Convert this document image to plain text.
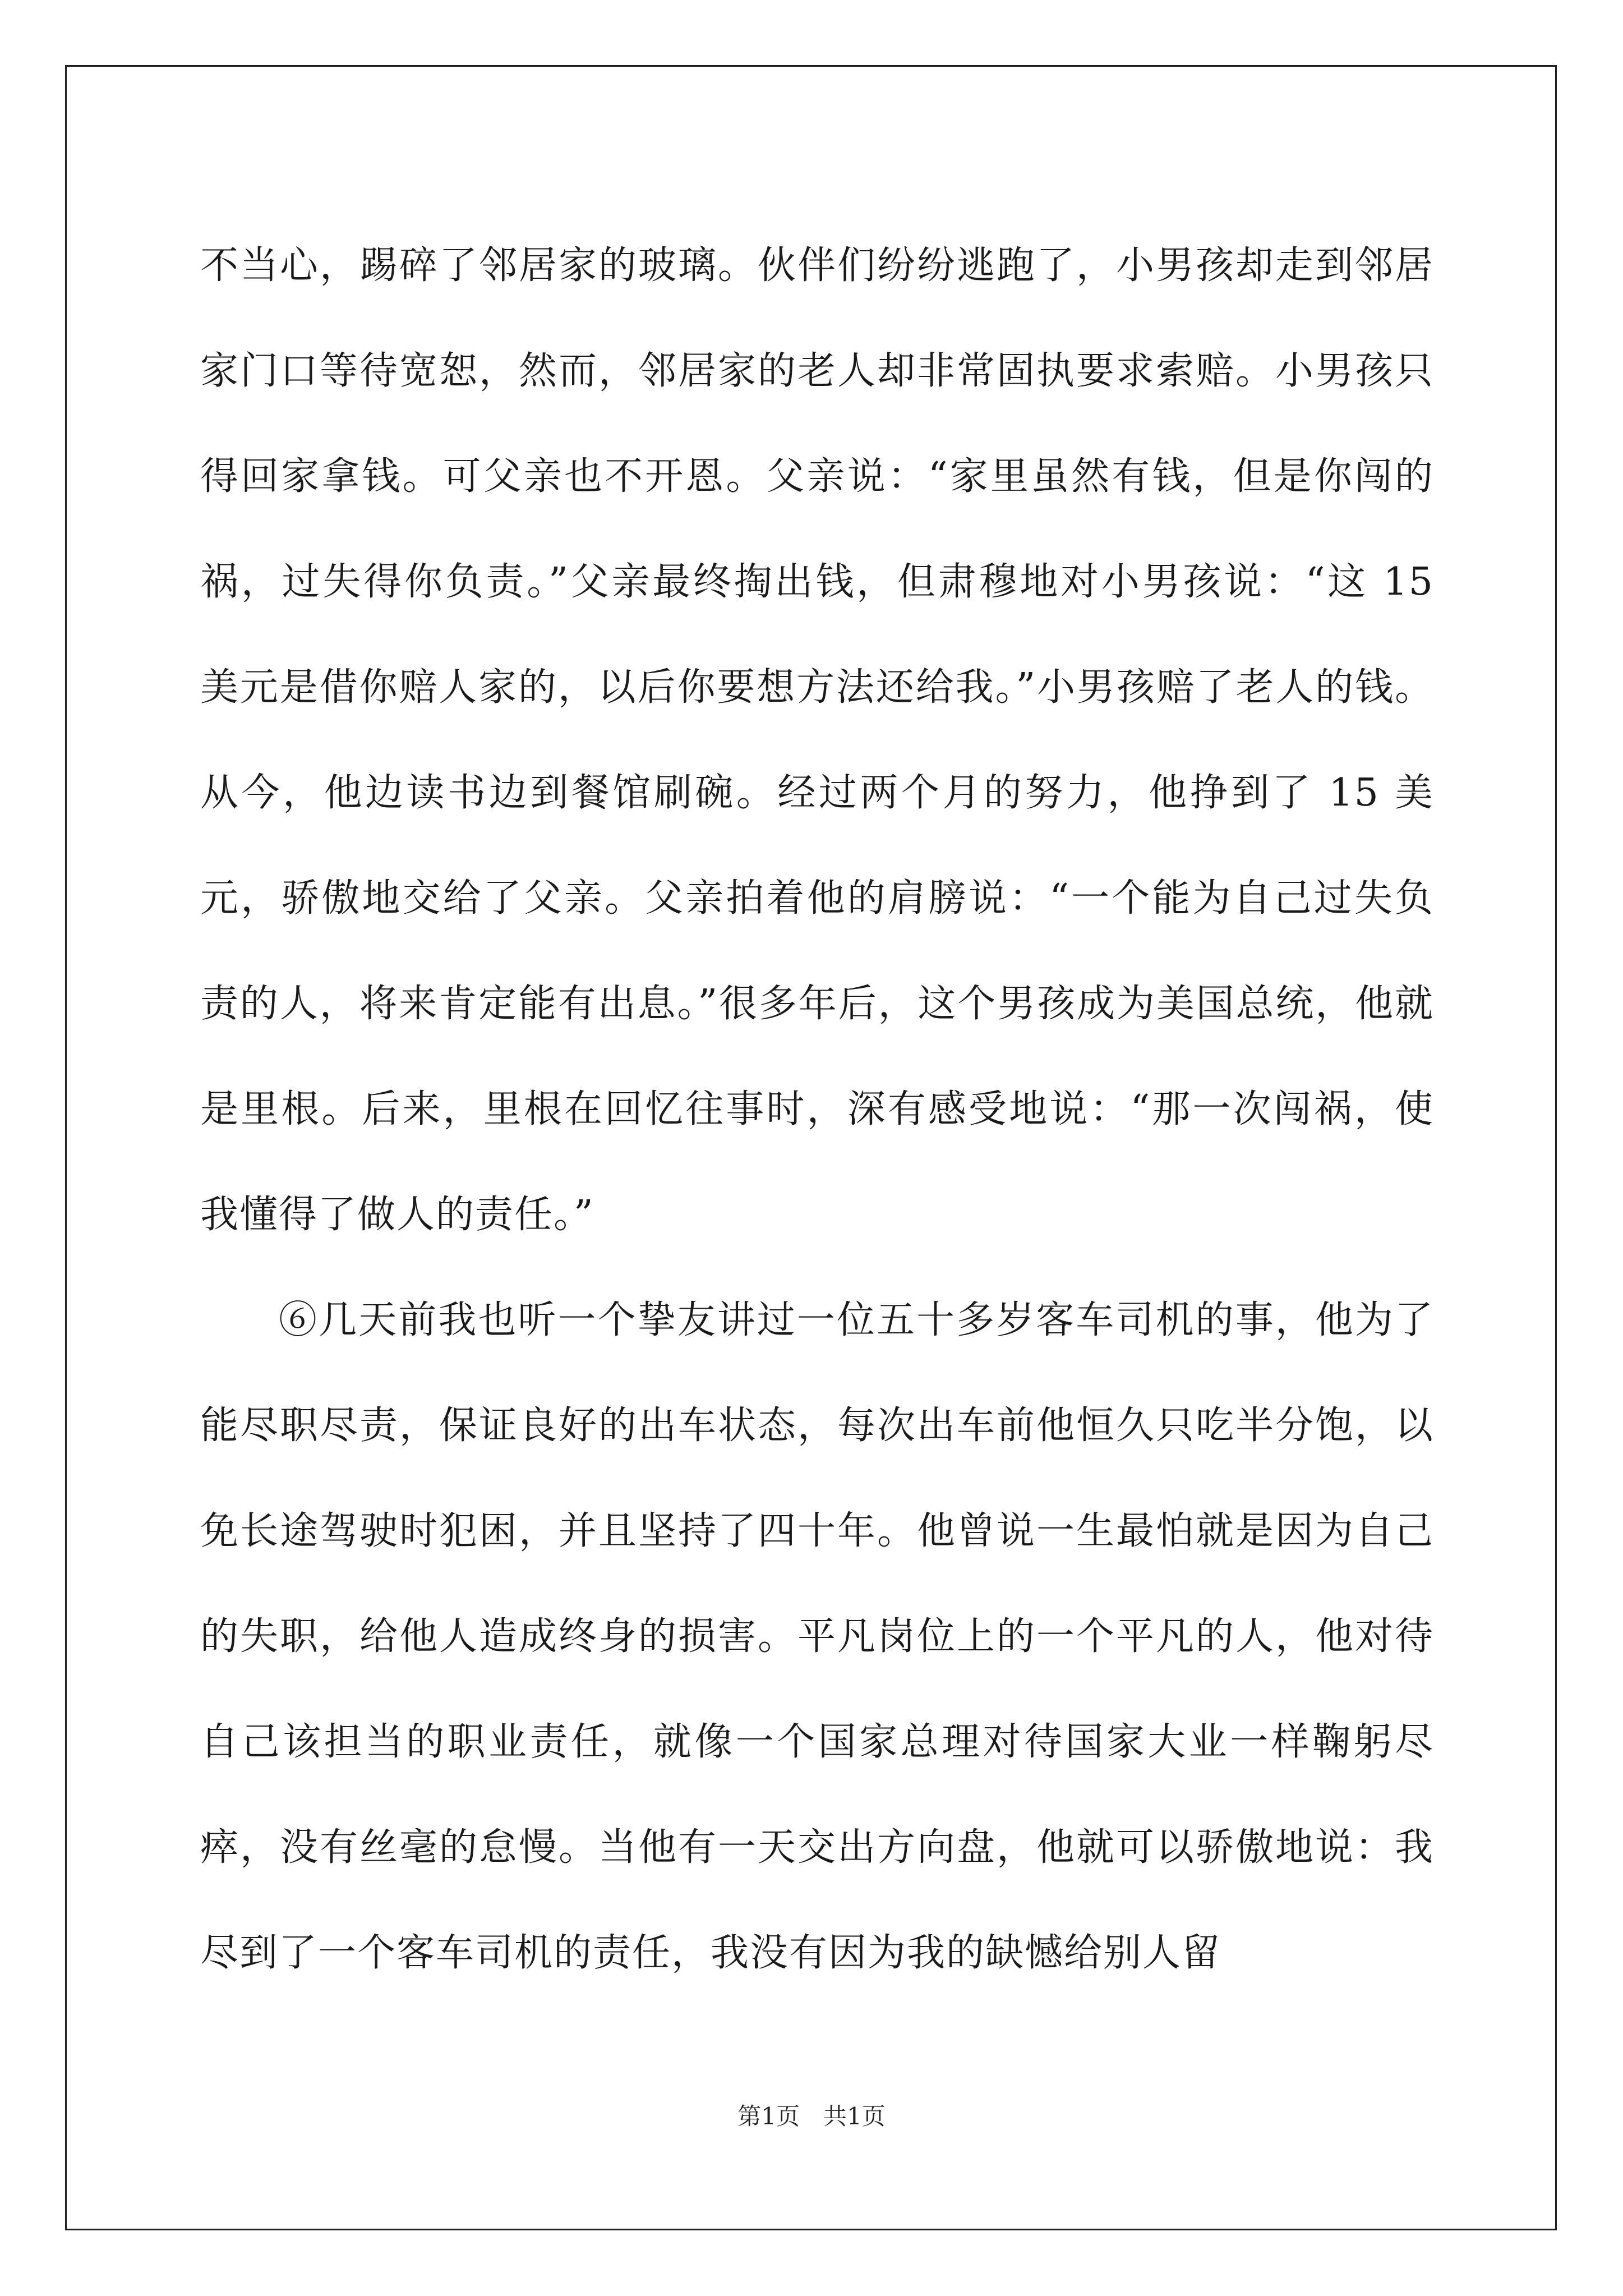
不当心，踢碎了邻居家的玻璃。伙伴们纷纷逃跑了，小男孩却走到邻居家门口等待宽恕，然而，邻居家的老人却非常固执要求索赔。小男孩只得回家拿钱。可父亲也不开恩。父亲说：“家里虽然有钱，但是你闯的祸，过失得你负责。”父亲最终掏出钱，但肃穆地对小男孩说：“这 15 美元是借你赔人家的，以后你要想方法还给我。”小男孩赔了老人的钱。从今，他边读书边到餐馆刷碗。经过两个月的努力，他挣到了 15 美元，骄傲地交给了父亲。父亲拍着他的肩膀说：“一个能为自己过失负责的人，将来肯定能有出息。”很多年后，这个男孩成为美国总统，他就是里根。后来，里根在回忆往事时，深有感受地说：“那一次闯祸，使我懂得了做人的责任。”

⑥几天前我也听一个挚友讲过一位五十多岁客车司机的事，他为了能尽职尽责，保证良好的出车状态，每次出车前他恒久只吃半分饱，以免长途驾驶时犯困，并且坚持了四十年。他曾说一生最怕就是因为自己的失职，给他人造成终身的损害。平凡岗位上的一个平凡的人，他对待自己该担当的职业责任，就像一个国家总理对待国家大业一样鞠躬尽瘁，没有丝毫的怠慢。当他有一天交出方向盘，他就可以骄傲地说：我尽到了一个客车司机的责任，我没有因为我的缺憾给别人留

第1页　共1页
